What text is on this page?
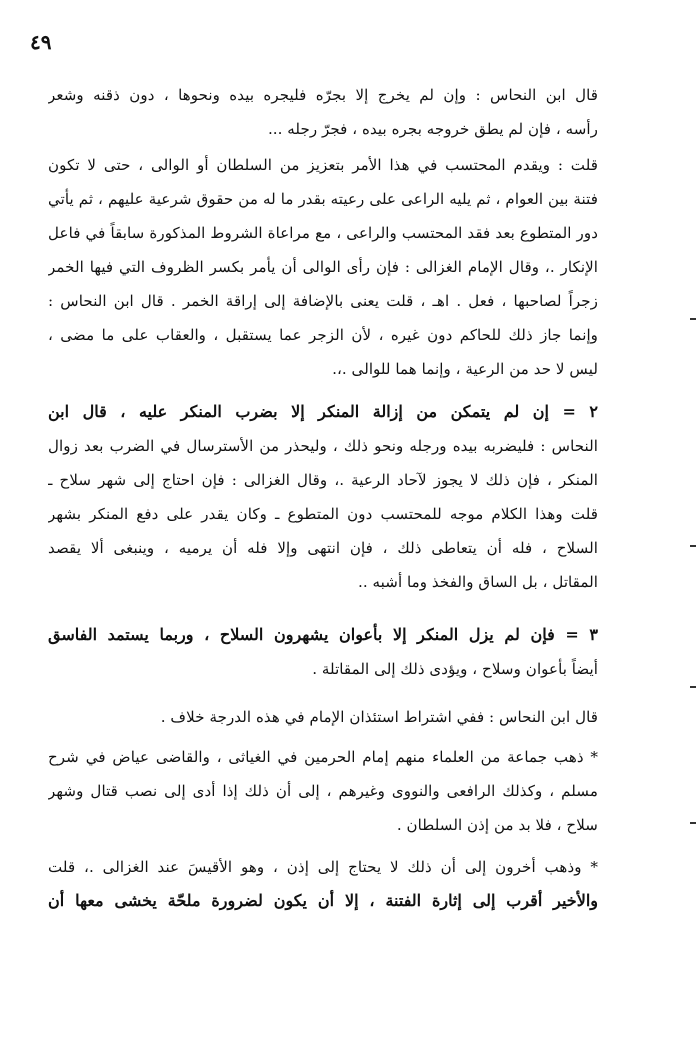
٤٩
قال ابن النحاس : وإن لم يخرج إلا بجرّه فليجره بيده ونحوها ، دون ذقنه وشعر
رأسه ، فإن لم يطق خروجه بجره بيده ، فجرّ رجله ...
قلت : ويقدم المحتسب في هذا الأمر بتعزيز من السلطان أو الوالى ، حتى لا تكون
فتنة بين العوام ، ثم يليه الراعى على رعيته بقدر ما له من حقوق شرعية عليهم ، ثم يأتي
دور المتطوع بعد فقد المحتسب والراعى ، مع مراعاة الشروط المذكورة سابقاً في فاعل
الإنكار .، وقال الإمام الغزالى : فإن رأى الوالى أن يأمر بكسر الظروف التي فيها الخمر
زجراً لصاحبها ، فعل . اهـ ، قلت يعنى بالإضافة إلى إراقة الخمر . قال ابن النحاس :
وإنما جاز ذلك للحاكم دون غيره ، لأن الزجر عما يستقبل ، والعقاب على ما مضى ،
ليس لا حد من الرعية ، وإنما هما للوالى .،.
٢ = إن لم يتمكن من إزالة المنكر إلا بضرب المنكر عليه ، قال ابن
النحاس : فليضربه بيده ورجله ونحو ذلك ، وليحذر من الأسترسال في الضرب بعد زوال
المنكر ، فإن ذلك لا يجوز لآحاد الرعية .، وقال الغزالى : فإن احتاج إلى شهر سلاح ـ
قلت وهذا الكلام موجه للمحتسب دون المتطوع ـ وكان يقدر على دفع المنكر بشهر
السلاح ، فله أن يتعاطى ذلك ، فإن انتهى وإلا فله أن يرميه ، وينبغى ألا يقصد
المقاتل ، بل الساق والفخذ وما أشبه ..
٣ = فإن لم يزل المنكر إلا بأعوان يشهرون السلاح ، وربما يستمد الفاسق
أيضاً بأعوان وسلاح ، ويؤدى ذلك إلى المقاتلة .
قال ابن النحاس : ففي اشتراط استئذان الإمام في هذه الدرجة خلاف .
* ذهب جماعة من العلماء منهم إمام الحرمين في الغياثى ، والقاضى عياض في شرح
مسلم ، وكذلك الرافعى والنووى وغيرهم ، إلى أن ذلك إذا أدى إلى نصب قتال وشهر
سلاح ، فلا بد من إذن السلطان .
* وذهب أخرون إلى أن ذلك لا يحتاج إلى إذن ، وهو الأقيسَ عند الغزالى .، قلت
والأخير أقرب إلى إثارة الفتنة ، إلا أن يكون لضرورة ملحّة يخشى معها أن
